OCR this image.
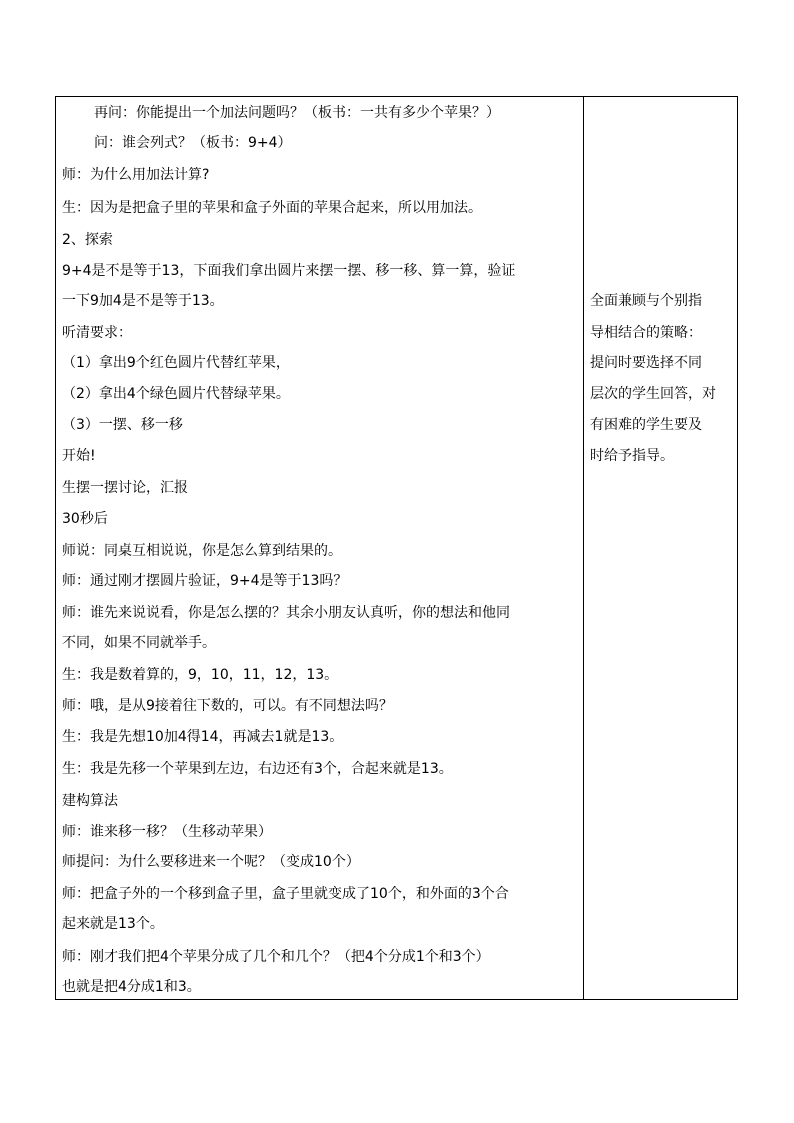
再问：你能提出一个加法问题吗？（板书：一共有多少个苹果？）
问：谁会列式？（板书：9+4）
师：为什么用加法计算?
生：因为是把盒子里的苹果和盒子外面的苹果合起来，所以用加法。
2、探索
9+4是不是等于13，下面我们拿出圆片来摆一摆、移一移、算一算，验证
一下9加4是不是等于13。
听清要求：
（1）拿出9个红色圆片代替红苹果，
（2）拿出4个绿色圆片代替绿苹果。
（3）一摆、移一移
开始!
生摆一摆讨论，汇报
30秒后
师说：同桌互相说说，你是怎么算到结果的。
师：通过刚才摆圆片验证，9+4是等于13吗？
师：谁先来说说看，你是怎么摆的？其余小朋友认真听，你的想法和他同
不同，如果不同就举手。
生：我是数着算的，9，10，11，12，13。
师：哦，是从9接着往下数的，可以。有不同想法吗？
生：我是先想10加4得14，再减去1就是13。
生：我是先移一个苹果到左边，右边还有3个，合起来就是13。
建构算法
师：谁来移一移？（生移动苹果）
师提问：为什么要移进来一个呢？（变成10个）
师：把盒子外的一个移到盒子里，盒子里就变成了10个，和外面的3个合
起来就是13个。
师：刚才我们把4个苹果分成了几个和几个？（把4个分成1个和3个）
也就是把4分成1和3。
全面兼顾与个别指
导相结合的策略：
提问时要选择不同
层次的学生回答，对
有困难的学生要及
时给予指导。
